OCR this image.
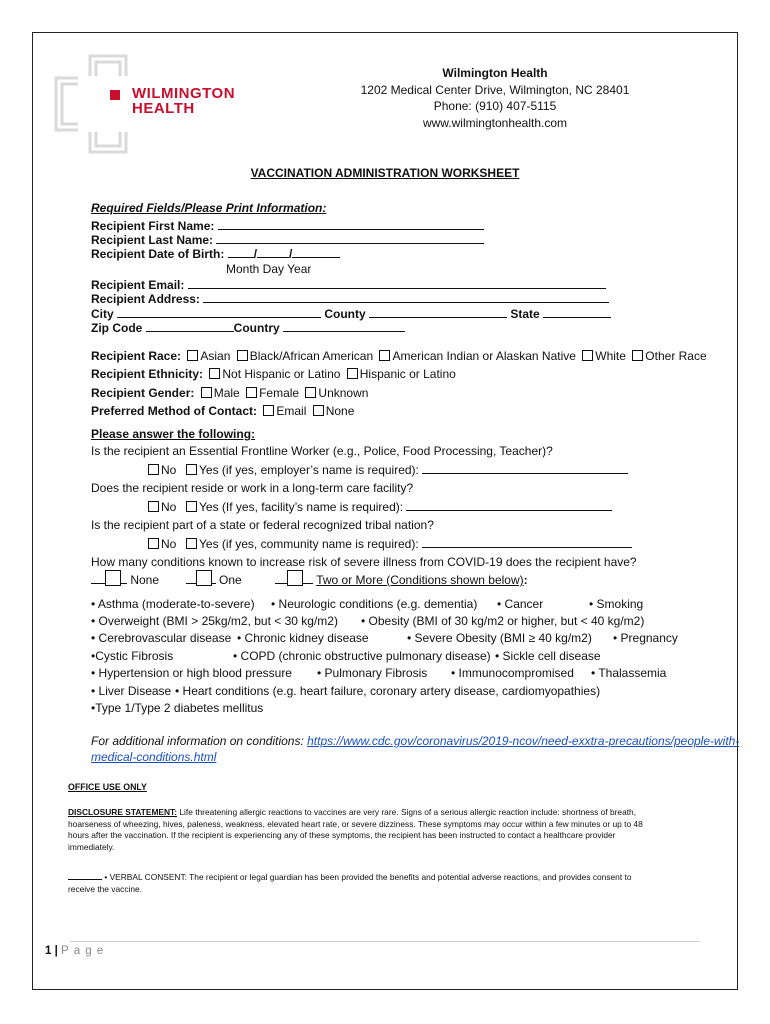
WILMINGTON
HEALTH
Wilmington Health
1202 Medical Center Drive, Wilmington, NC 28401
Phone: (910) 407-5115
www.wilmingtonhealth.com
VACCINATION ADMINISTRATION WORKSHEET
Required Fields/Please Print Information:
Recipient First Name:
Recipient Last Name:
Recipient Date of Birth: /	/
Month Day Year
Recipient Email:
Recipient Address:
City	County	State
Zip Code	Country
Recipient Race: Asian Black/African American American Indian or Alaskan Native White Other Race
Recipient Ethnicity: Not Hispanic or Latino Hispanic or Latino
Recipient Gender: Male Female Unknown
Preferred Method of Contact: Email None
Please answer the following:
Is the recipient an Essential Frontline Worker (e.g., Police, Food Processing, Teacher)?
No Yes (if yes, employer’s name is required):
Does the recipient reside or work in a long-term care facility?
No Yes (If yes, facility’s name is required):
Is the recipient part of a state or federal recognized tribal nation?
No Yes (if yes, community name is required):
How many conditions known to increase risk of severe illness from COVID-19 does the recipient have?
None	One	Two or More (Conditions shown below):
• Asthma (moderate-to-severe) • Neurologic conditions (e.g. dementia) • Cancer	• Smoking
• Overweight (BMI > 25kg/m2, but < 30 kg/m2) • Obesity (BMI of 30 kg/m2 or higher, but < 40 kg/m2)
• Cerebrovascular disease • Chronic kidney disease	• Severe Obesity (BMI ≥ 40 kg/m2) • Pregnancy
•Cystic Fibrosis	• COPD (chronic obstructive pulmonary disease) • Sickle cell disease
• Hypertension or high blood pressure • Pulmonary Fibrosis • Immunocompromised • Thalassemia
• Liver Disease • Heart conditions (e.g. heart failure, coronary artery disease, cardiomyopathies)
•Type 1/Type 2 diabetes mellitus
For additional information on conditions: https://www.cdc.gov/coronavirus/2019-ncov/need-exxtra-precautions/people-with-
medical-conditions.html
OFFICE USE ONLY
DISCLOSURE STATEMENT: Life threatening allergic reactions to vaccines are very rare. Signs of a serious allergic reaction include: shortness of breath,
hoarseness of wheezing, hives, paleness, weakness, elevated heart rate, or severe dizziness. These symptoms may occur within a few minutes or up to 48
hours after the vaccination. If the recipient is experiencing any of these symptoms, the recipient has been instructed to contact a healthcare provider
immediately.
• VERBAL CONSENT: The recipient or legal guardian has been provided the benefits and potential adverse reactions, and provides consent to
receive the vaccine.
1 | P a g e
